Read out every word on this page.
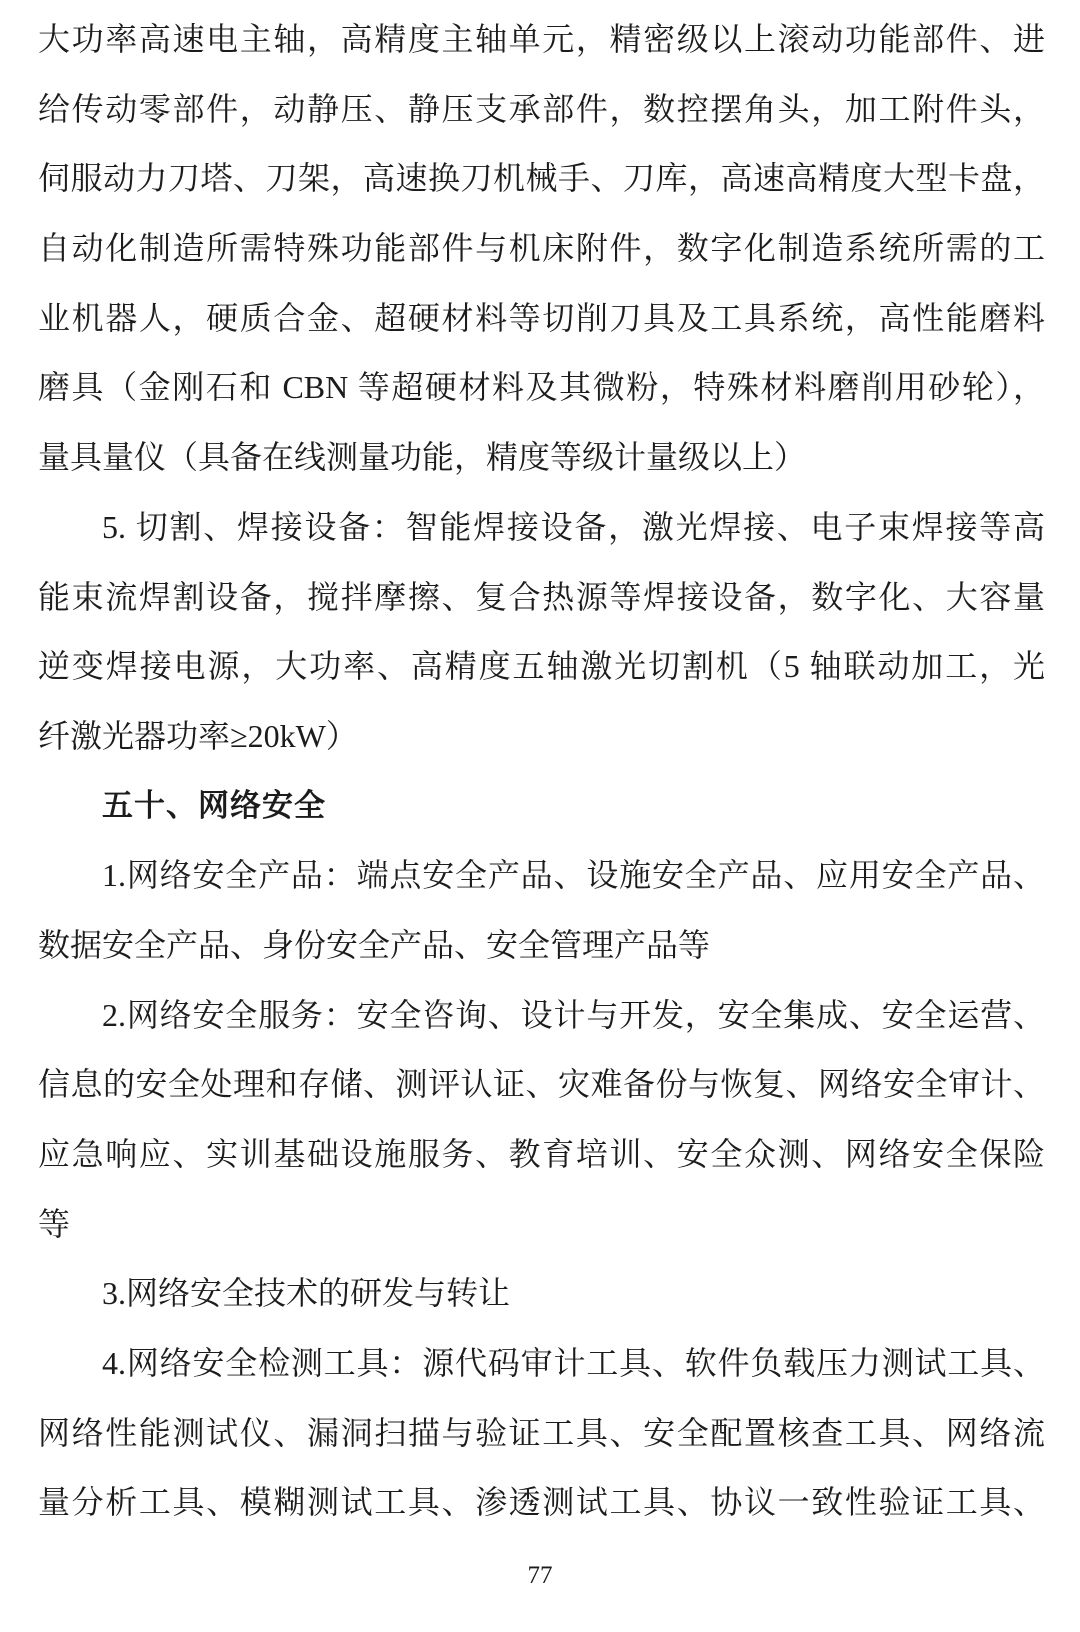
大功率高速电主轴，高精度主轴单元，精密级以上滚动功能部件、进
给传动零部件，动静压、静压支承部件，数控摆角头，加工附件头，
伺服动力刀塔、刀架，高速换刀机械手、刀库，高速高精度大型卡盘，
自动化制造所需特殊功能部件与机床附件，数字化制造系统所需的工
业机器人，硬质合金、超硬材料等切削刀具及工具系统，高性能磨料
磨具（金刚石和 CBN 等超硬材料及其微粉，特殊材料磨削用砂轮），
量具量仪（具备在线测量功能，精度等级计量级以上）
5. 切割、焊接设备：智能焊接设备，激光焊接、电子束焊接等高
能束流焊割设备，搅拌摩擦、复合热源等焊接设备，数字化、大容量
逆变焊接电源，大功率、高精度五轴激光切割机（5 轴联动加工，光
纤激光器功率≥20kW）
五十、网络安全
1.网络安全产品：端点安全产品、设施安全产品、应用安全产品、
数据安全产品、身份安全产品、安全管理产品等
2.网络安全服务：安全咨询、设计与开发，安全集成、安全运营、
信息的安全处理和存储、测评认证、灾难备份与恢复、网络安全审计、
应急响应、实训基础设施服务、教育培训、安全众测、网络安全保险
等
3.网络安全技术的研发与转让
4.网络安全检测工具：源代码审计工具、软件负载压力测试工具、
网络性能测试仪、漏洞扫描与验证工具、安全配置核查工具、网络流
量分析工具、模糊测试工具、渗透测试工具、协议一致性验证工具、
77
